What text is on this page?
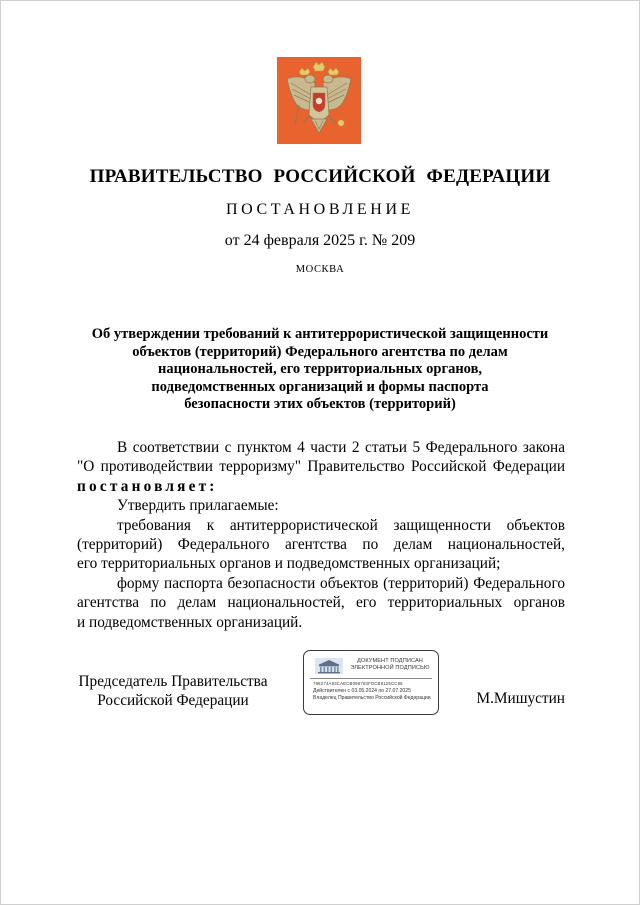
ПРАВИТЕЛЬСТВО РОССИЙСКОЙ ФЕДЕРАЦИИ
ПОСТАНОВЛЕНИЕ
от 24 февраля 2025 г. № 209
МОСКВА
Об утверждении требований к антитеррористической защищенности
объектов (территорий) Федерального агентства по делам
национальностей, его территориальных органов,
подведомственных организаций и формы паспорта
безопасности этих объектов (территорий)

В соответствии с пунктом 4 части 2 статьи 5 Федерального закона

"О противодействии терроризму" Правительство Российской Федерации

постановляет:

Утвердить прилагаемые:

требования к антитеррористической защищенности объектов

(территорий) Федерального агентства по делам национальностей,

его территориальных органов и подведомственных организаций;

форму паспорта безопасности объектов (территорий) Федерального

агентства по делам национальностей, его территориальных органов

и подведомственных организаций.

Председатель Правительства
Российской Федерации
ДОКУМЕНТ ПОДПИСАН
ЭЛЕКТРОННОЙ ПОДПИСЬЮ
788274A93CAECB096783FDCB8125CC86
Действителен с 03.05.2024 по 27.07.2025
Владелец Правительство Российской Федерации	М.Мишустин
